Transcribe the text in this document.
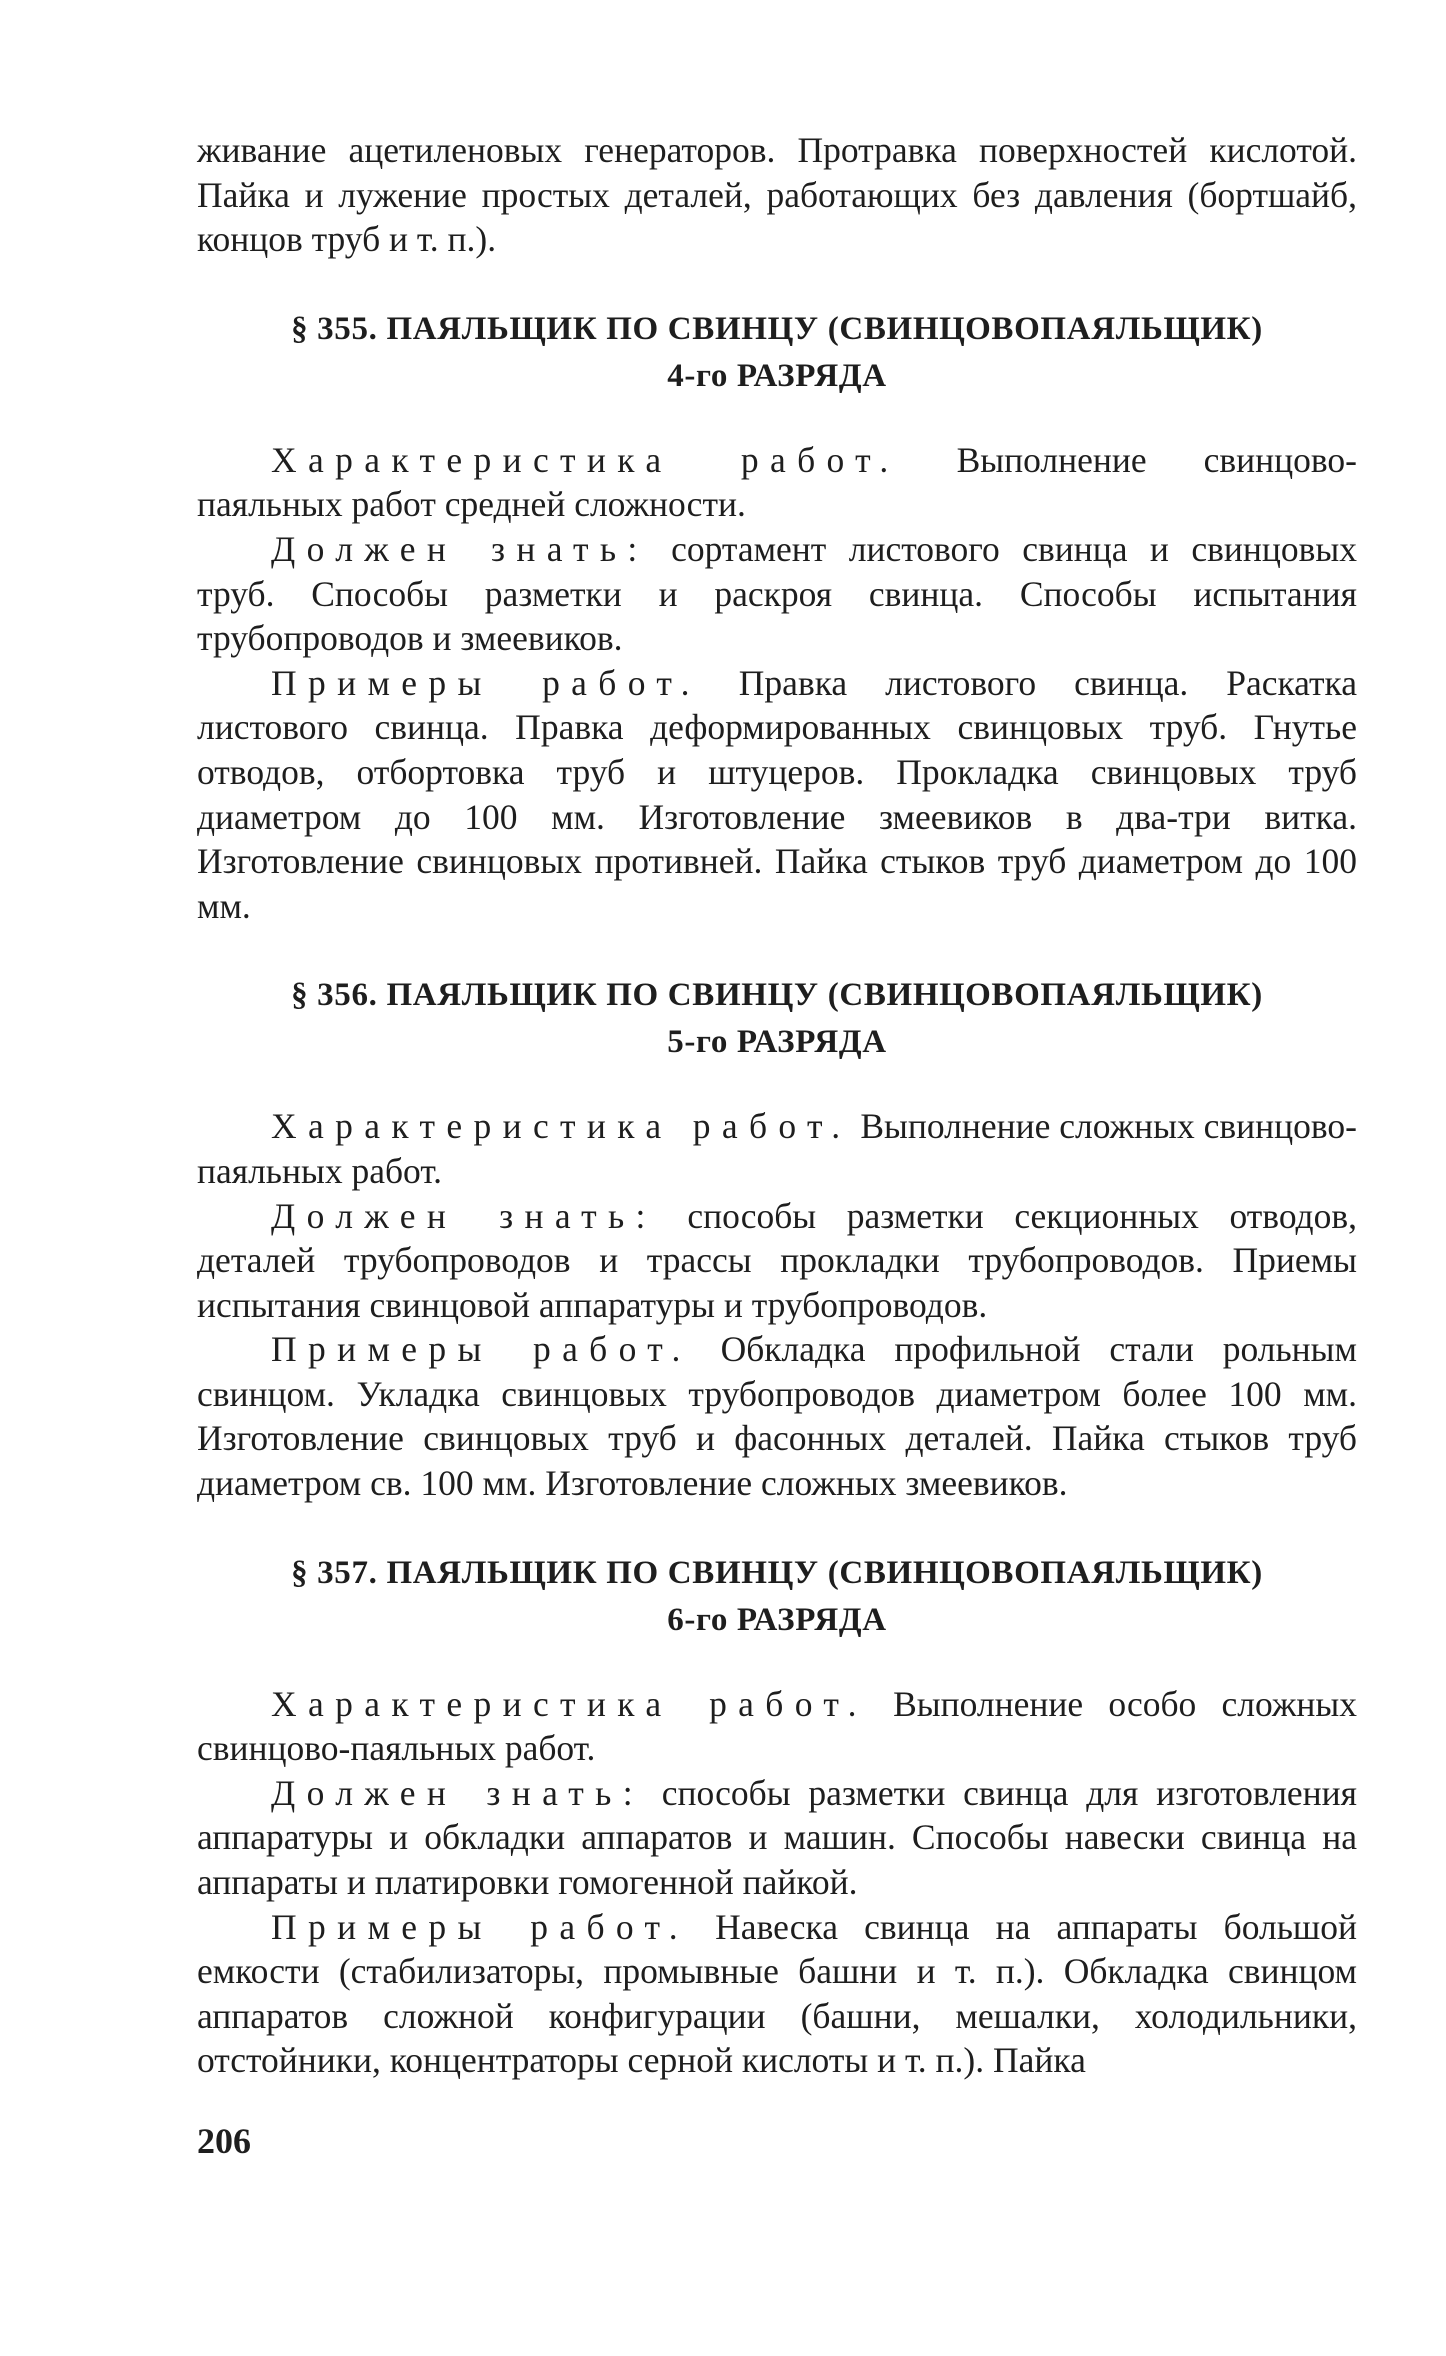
живание ацетиленовых генераторов. Протравка поверхностей кислотой. Пайка и лужение простых деталей, работающих без давления (бортшайб, концов труб и т. п.).

§ 355. ПАЯЛЬЩИК ПО СВИНЦУ (СВИНЦОВОПАЯЛЬЩИК)
4-го РАЗРЯДА

Характеристика работ. Выполнение свинцово-паяльных работ средней сложности.

Должен знать: сортамент листового свинца и свинцовых труб. Способы разметки и раскроя свинца. Способы испытания трубопроводов и змеевиков.

Примеры работ. Правка листового свинца. Раскатка листового свинца. Правка деформированных свинцовых труб. Гнутье отводов, отбортовка труб и штуцеров. Прокладка свинцовых труб диаметром до 100 мм. Изготовление змеевиков в два-три витка. Изготовление свинцовых противней. Пайка стыков труб диаметром до 100 мм.

§ 356. ПАЯЛЬЩИК ПО СВИНЦУ (СВИНЦОВОПАЯЛЬЩИК)
5-го РАЗРЯДА

Характеристика работ. Выполнение сложных свинцово-паяльных работ.

Должен знать: способы разметки секционных отводов, деталей трубопроводов и трассы прокладки трубопроводов. Приемы испытания свинцовой аппаратуры и трубопроводов.

Примеры работ. Обкладка профильной стали рольным свинцом. Укладка свинцовых трубопроводов диаметром более 100 мм. Изготовление свинцовых труб и фасонных деталей. Пайка стыков труб диаметром св. 100 мм. Изготовление сложных змеевиков.

§ 357. ПАЯЛЬЩИК ПО СВИНЦУ (СВИНЦОВОПАЯЛЬЩИК)
6-го РАЗРЯДА

Характеристика работ. Выполнение особо сложных свинцово-паяльных работ.

Должен знать: способы разметки свинца для изготовления аппаратуры и обкладки аппаратов и машин. Способы навески свинца на аппараты и платировки гомогенной пайкой.

Примеры работ. Навеска свинца на аппараты большой емкости (стабилизаторы, промывные башни и т. п.). Обкладка свинцом аппаратов сложной конфигурации (башни, мешалки, холодильники, отстойники, концентраторы серной кислоты и т. п.). Пайка

206
